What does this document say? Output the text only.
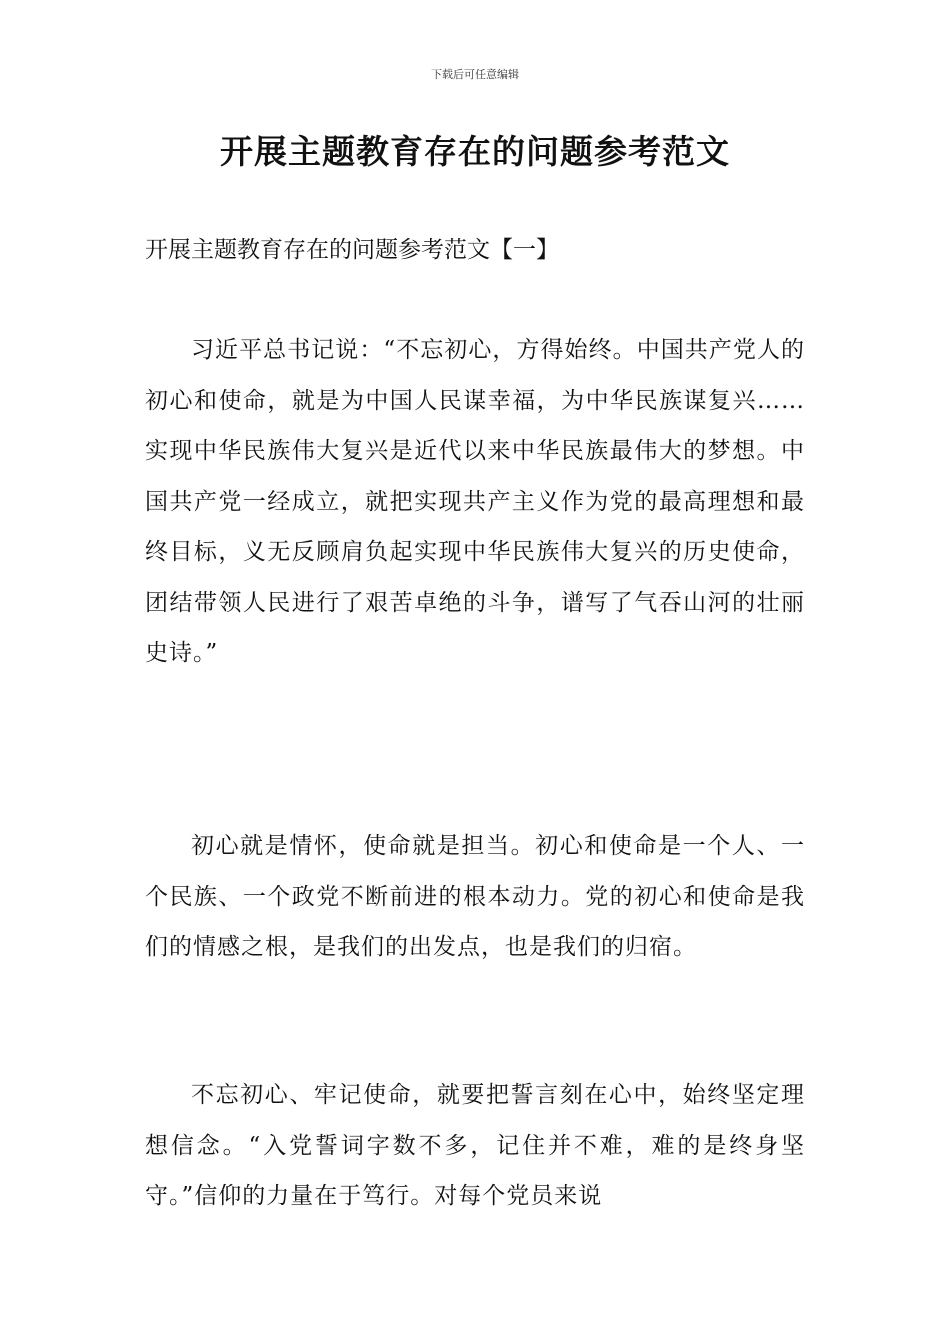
下载后可任意编辑
开展主题教育存在的问题参考范文

开展主题教育存在的问题参考范文【一】

习近平总书记说：“不忘初心，方得始终。中国共产党人的初心和使命，就是为中国人民谋幸福，为中华民族谋复兴……实现中华民族伟大复兴是近代以来中华民族最伟大的梦想。中国共产党一经成立，就把实现共产主义作为党的最高理想和最终目标，义无反顾肩负起实现中华民族伟大复兴的历史使命，团结带领人民进行了艰苦卓绝的斗争，谱写了气吞山河的壮丽史诗。”

初心就是情怀，使命就是担当。初心和使命是一个人、一个民族、一个政党不断前进的根本动力。党的初心和使命是我们的情感之根，是我们的出发点，也是我们的归宿。

不忘初心、牢记使命，就要把誓言刻在心中，始终坚定理想信念。“入党誓词字数不多，记住并不难，难的是终身坚守。”信仰的力量在于笃行。对每个党员来说
